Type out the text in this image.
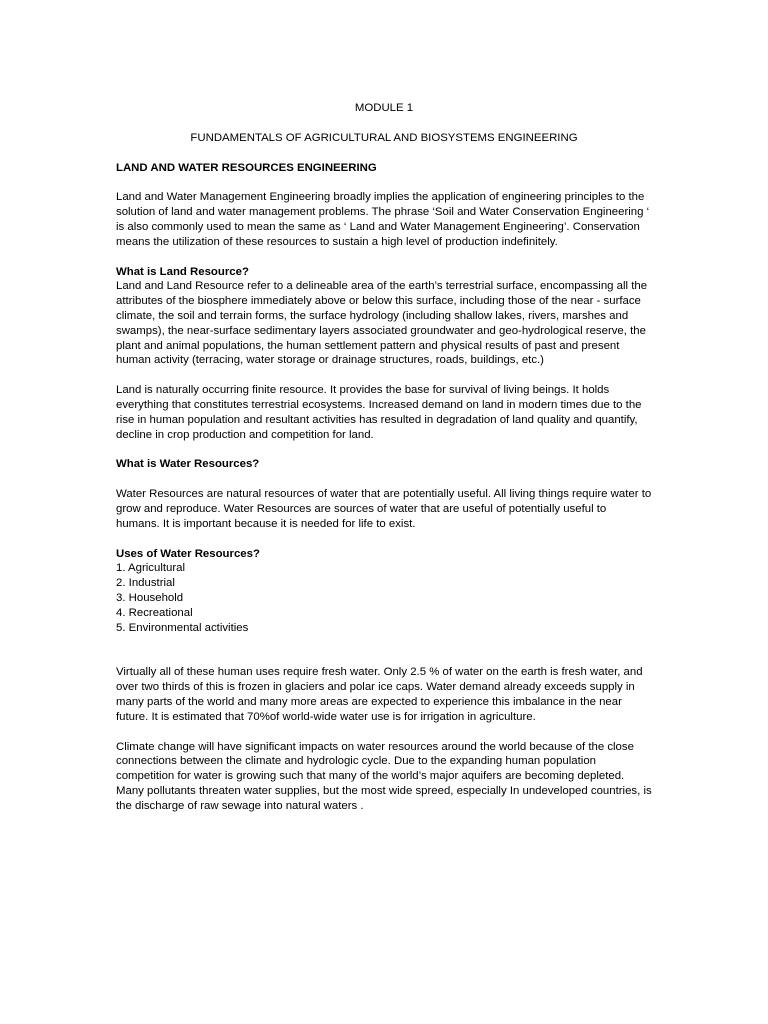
MODULE 1
FUNDAMENTALS OF AGRICULTURAL AND BIOSYSTEMS ENGINEERING
LAND AND WATER RESOURCES ENGINEERING

Land and Water Management Engineering broadly implies the application of engineering principles to the solution of land and water management problems. The phrase ‘Soil and Water Conservation Engineering ‘ is also commonly used to mean the same as ‘ Land and Water Management Engineering’. Conservation means the utilization of these resources to sustain a high level of production indefinitely.

What is Land Resource?

Land and Land Resource refer to a delineable area of the earth’s terrestrial surface, encompassing all the attributes of the biosphere immediately above or below this surface, including those of the near - surface climate, the soil and terrain forms, the surface hydrology (including shallow lakes, rivers, marshes and swamps), the near-surface sedimentary layers associated groundwater and geo-hydrological reserve, the plant and animal populations, the human settlement pattern and physical results of past and present human activity (terracing, water storage or drainage structures, roads, buildings, etc.)

Land is naturally occurring finite resource. It provides the base for survival of living beings. It holds everything that constitutes terrestrial ecosystems. Increased demand on land in modern times due to the rise in human population and resultant activities has resulted in degradation of land quality and quantify, decline in crop production and competition for land.

What is Water Resources?

Water Resources are natural resources of water that are potentially useful. All living things require water to grow and reproduce. Water Resources are sources of water that are useful of potentially useful to humans. It is important because it is needed for life to exist.

Uses of Water Resources?
1. Agricultural
2. Industrial
3. Household
4. Recreational
5. Environmental activities

Virtually all of these human uses require fresh water. Only 2.5 % of water on the earth is fresh water, and over two thirds of this is frozen in glaciers and polar ice caps. Water demand already exceeds supply in many parts of the world and many more areas are expected to experience this imbalance in the near future. It is estimated that 70%of world-wide water use is for irrigation in agriculture.

Climate change will have significant impacts on water resources around the world because of the close connections between the climate and hydrologic cycle. Due to the expanding human population competition for water is growing such that many of the world’s major aquifers are becoming depleted. Many pollutants threaten water supplies, but the most wide spreed, especially In undeveloped countries, is the discharge of raw sewage into natural waters .
